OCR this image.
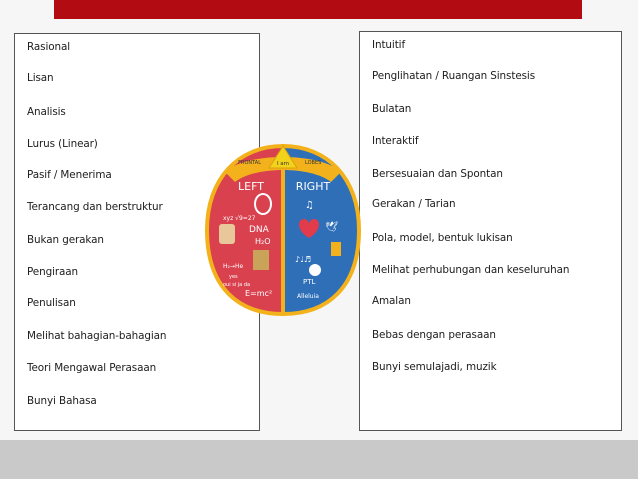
Rasional
Lisan
Analisis
Lurus (Linear)
Pasif / Menerima
Terancang dan berstruktur
Bukan gerakan
Pengiraan
Penulisan
Melihat bahagian-bahagian
Teori Mengawal Perasaan
Bunyi Bahasa
Intuitif
Penglihatan / Ruangan Sinstesis
Bulatan
Interaktif
Bersesuaian dan Spontan
Gerakan / Tarian
Pola, model, bentuk lukisan
Melihat perhubungan dan keseluruhan
Amalan
Bebas dengan perasaan
Bunyi semulajadi, muzik
FRONTAL	LOBES
I am
LEFT	RIGHT
xyz √9=27
DNA
H₂O
H₂→He
yes
oui si ja da
E=mc²
♫
🕊
♪♩♬
PTL
Alleluia
